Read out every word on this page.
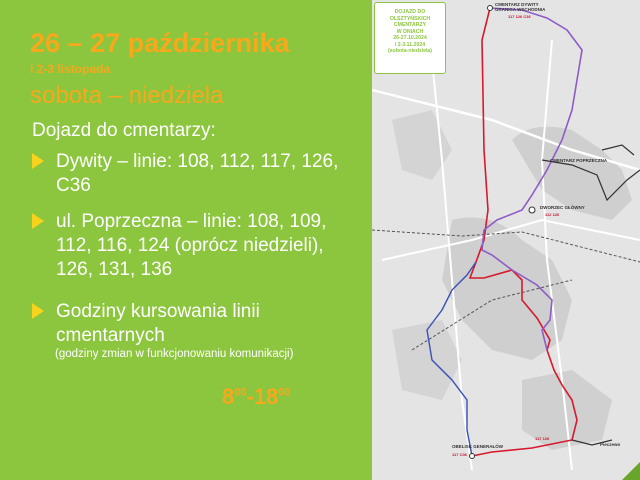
26 – 27 października
i 2-3 listopada
sobota – niedziela
Dojazd do cmentarzy:
Dywity – linie: 108, 112, 117, 126, C36
ul. Poprzeczna – linie: 108, 109, 112, 116, 124 (oprócz niedzieli), 126, 131, 136
Godziny kursowania linii cmentarnych
(godziny zmian w funkcjonowaniu komunikacji)
$8^{00}-18^{00}$
DOJAZD DO
OLSZTYŃSKICH
CMENTARZY
W DNIACH
26-27.10.2024
i 2-3.11.2024
(sobota-niedziela)
CMENTARZ DYWITY
GRANICA WSCHODNIA
117 126 C36
CMENTARZ POPRZECZNA
DWORZEC GŁÓWNY
112 126
OBELISK GENERAŁÓW
117 C36
117 126
Pieczewo
